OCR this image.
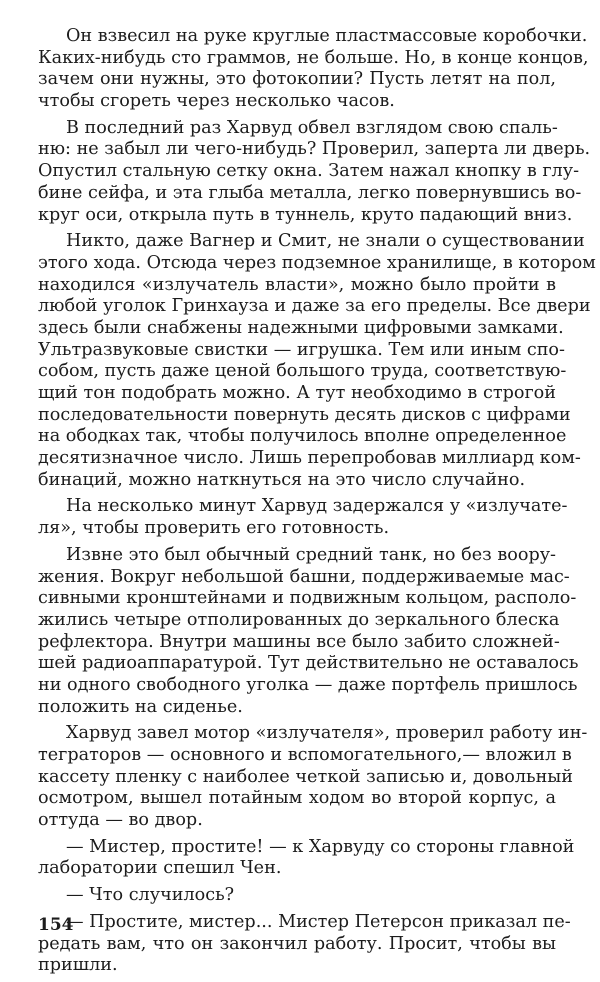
Он взвесил на руке круглые пластмассовые коробочки.
Каких-нибудь сто граммов, не больше. Но, в конце концов,
зачем они нужны, это фотокопии? Пусть летят на пол,
чтобы сгореть через несколько часов.
В последний раз Харвуд обвел взглядом свою спаль-
ню: не забыл ли чего-нибудь? Проверил, заперта ли дверь.
Опустил стальную сетку окна. Затем нажал кнопку в глу-
бине сейфа, и эта глыба металла, легко повернувшись во-
круг оси, открыла путь в туннель, круто падающий вниз.
Никто, даже Вагнер и Смит, не знали о существовании
этого хода. Отсюда через подземное хранилище, в котором
находился «излучатель власти», можно было пройти в
любой уголок Гринхауза и даже за его пределы. Все двери
здесь были снабжены надежными цифровыми замками.
Ультразвуковые свистки — игрушка. Тем или иным спо-
собом, пусть даже ценой большого труда, соответствую-
щий тон подобрать можно. А тут необходимо в строгой
последовательности повернуть десять дисков с цифрами
на ободках так, чтобы получилось вполне определенное
десятизначное число. Лишь перепробовав миллиард ком-
бинаций, можно наткнуться на это число случайно.
На несколько минут Харвуд задержался у «излучате-
ля», чтобы проверить его готовность.
Извне это был обычный средний танк, но без воору-
жения. Вокруг небольшой башни, поддерживаемые мас-
сивными кронштейнами и подвижным кольцом, располо-
жились четыре отполированных до зеркального блеска
рефлектора. Внутри машины все было забито сложней-
шей радиоаппаратурой. Тут действительно не оставалось
ни одного свободного уголка — даже портфель пришлось
положить на сиденье.
Харвуд завел мотор «излучателя», проверил работу ин-
теграторов — основного и вспомогательного,— вложил в
кассету пленку с наиболее четкой записью и, довольный
осмотром, вышел потайным ходом во второй корпус, а
оттуда — во двор.
— Мистер, простите! — к Харвуду со стороны главной
лаборатории спешил Чен.
— Что случилось?
— Простите, мистер... Мистер Петерсон приказал пе-
редать вам, что он закончил работу. Просит, чтобы вы
пришли.
154
